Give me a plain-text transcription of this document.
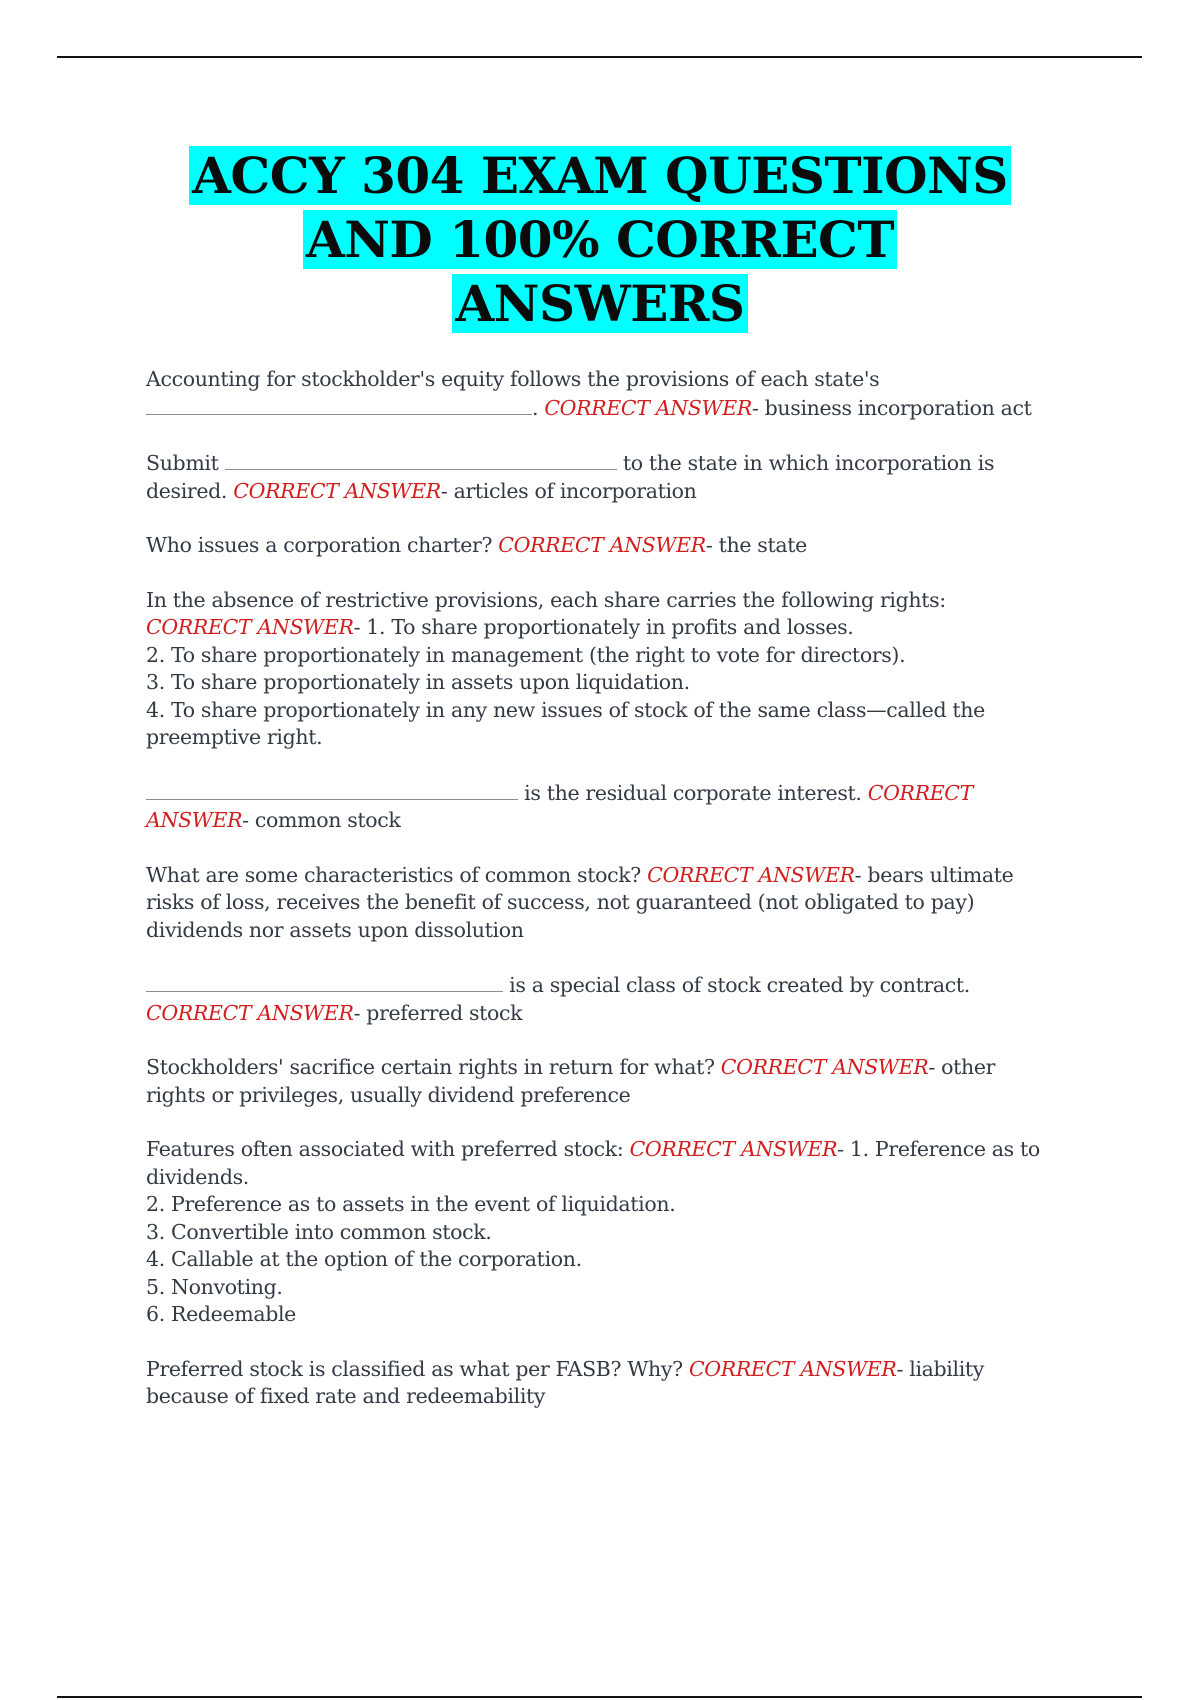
ACCY 304 EXAM QUESTIONS
AND 100% CORRECT
ANSWERS

Accounting for stockholder's equity follows the provisions of each state's
. CORRECT ANSWER- business incorporation act

Submit	to the state in which incorporation is
desired. CORRECT ANSWER- articles of incorporation

Who issues a corporation charter? CORRECT ANSWER- the state

In the absence of restrictive provisions, each share carries the following rights:
CORRECT ANSWER- 1. To share proportionately in profits and losses.
2. To share proportionately in management (the right to vote for directors).
3. To share proportionately in assets upon liquidation.
4. To share proportionately in any new issues of stock of the same class—called the
preemptive right.

is the residual corporate interest. CORRECT
ANSWER- common stock

What are some characteristics of common stock? CORRECT ANSWER- bears ultimate
risks of loss, receives the benefit of success, not guaranteed (not obligated to pay)
dividends nor assets upon dissolution

is a special class of stock created by contract.
CORRECT ANSWER- preferred stock

Stockholders' sacrifice certain rights in return for what? CORRECT ANSWER- other
rights or privileges, usually dividend preference

Features often associated with preferred stock: CORRECT ANSWER- 1. Preference as to
dividends.
2. Preference as to assets in the event of liquidation.
3. Convertible into common stock.
4. Callable at the option of the corporation.
5. Nonvoting.
6. Redeemable

Preferred stock is classified as what per FASB? Why? CORRECT ANSWER- liability
because of fixed rate and redeemability
